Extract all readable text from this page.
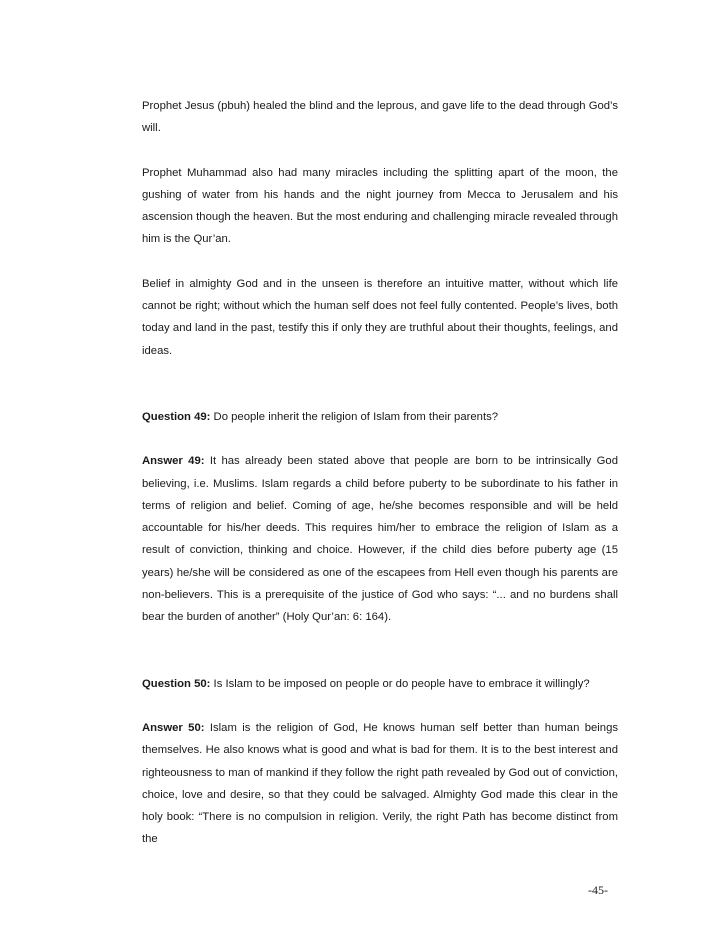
Prophet Jesus (pbuh) healed the blind and the leprous, and gave life to the dead through God’s will.

Prophet Muhammad also had many miracles including the splitting apart of the moon, the gushing of water from his hands and the night journey from Mecca to Jerusalem and his ascension though the heaven. But the most enduring and challenging miracle revealed through him is the Qur’an.

Belief in almighty God and in the unseen is therefore an intuitive matter, without which life cannot be right; without which the human self does not feel fully contented. People’s lives, both today and land in the past, testify this if only they are truthful about their thoughts, feelings, and ideas.

Question 49: Do people inherit the religion of Islam from their parents?

Answer 49: It has already been stated above that people are born to be intrinsically God believing, i.e. Muslims. Islam regards a child before puberty to be subordinate to his father in terms of religion and belief. Coming of age, he/she becomes responsible and will be held accountable for his/her deeds. This requires him/her to embrace the religion of Islam as a result of conviction, thinking and choice. However, if the child dies before puberty age (15 years) he/she will be considered as one of the escapees from Hell even though his parents are non-believers. This is a prerequisite of the justice of God who says: “... and no burdens shall bear the burden of another” (Holy Qur’an: 6: 164).

Question 50: Is Islam to be imposed on people or do people have to embrace it willingly?

Answer 50: Islam is the religion of God, He knows human self better than human beings themselves. He also knows what is good and what is bad for them. It is to the best interest and righteousness to man of mankind if they follow the right path revealed by God out of conviction, choice, love and desire, so that they could be salvaged. Almighty God made this clear in the holy book: “There is no compulsion in religion. Verily, the right Path has become distinct from the

-45-
